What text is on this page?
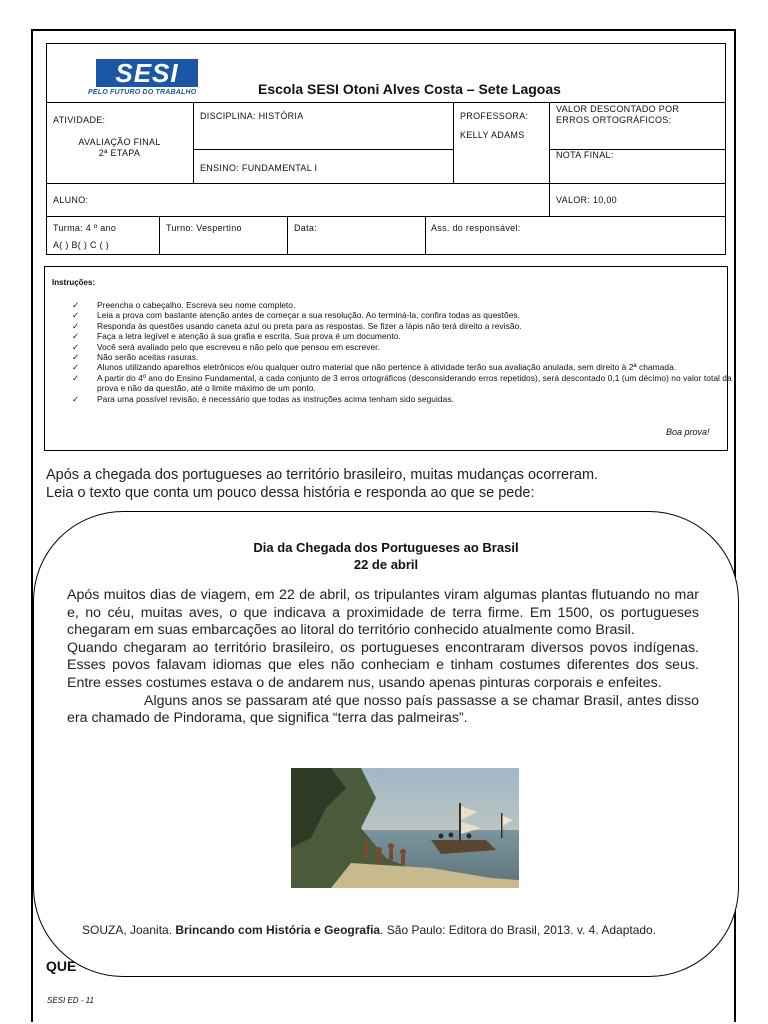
SESI
PELO FUTURO DO TRABALHO	Escola SESI Otoni Alves Costa – Sete Lagoas
ATIVIDADE:
AVALIAÇÃO FINAL
2ª ETAPA
DISCIPLINA: HISTÓRIA
ENSINO: FUNDAMENTAL I
PROFESSORA:
KELLY ADAMS
VALOR DESCONTADO POR
ERROS ORTOGRÁFICOS:
NOTA FINAL:
ALUNO:	VALOR: 10,00
Turma: 4 º ano
A( ) B( ) C ( )
Turno: Vespertino	Data:	Ass. do responsável:
Instruções:
✓ Preencha o cabeçalho. Escreva seu nome completo.
✓ Leia a prova com bastante atenção antes de começar a sua resolução. Ao terminá-la, confira todas as questões.
✓ Responda às questões usando caneta azul ou preta para as respostas. Se fizer a lápis não terá direito a revisão.
✓ Faça a letra legível e atenção à sua grafia e escrita. Sua prova é um documento.
✓ Você será avaliado pelo que escreveu e não pelo que pensou em escrever.
✓ Não serão aceitas rasuras.
✓ Alunos utilizando aparelhos eletrônicos e/ou qualquer outro material que não pertence à atividade terão sua avaliação anulada, sem direito à 2ª chamada.
✓ A partir do 4º ano do Ensino Fundamental, a cada conjunto de 3 erros ortográficos (desconsiderando erros repetidos), será descontado 0,1 (um décimo) no valor total da prova e não da questão, até o limite máximo de um ponto.
✓ Para uma possível revisão, é necessário que todas as instruções acima tenham sido seguidas.
Boa prova!
Após a chegada dos portugueses ao território brasileiro, muitas mudanças ocorreram.
Leia o texto que conta um pouco dessa história e responda ao que se pede:
QUE
Dia da Chegada dos Portugueses ao Brasil
22 de abril

Após muitos dias de viagem, em 22 de abril, os tripulantes viram algumas plantas flutuando no mar e, no céu, muitas aves, o que indicava a proximidade de terra firme. Em 1500, os portugueses chegaram em suas embarcações ao litoral do território conhecido atualmente como Brasil.

Quando chegaram ao território brasileiro, os portugueses encontraram diversos povos indígenas. Esses povos falavam idiomas que eles não conheciam e tinham costumes diferentes dos seus. Entre esses costumes estava o de andarem nus, usando apenas pinturas corporais e enfeites.

Alguns anos se passaram até que nosso país passasse a se chamar Brasil, antes disso era chamado de Pindorama, que significa “terra das palmeiras”.

SOUZA, Joanita. Brincando com História e Geografia. São Paulo: Editora do Brasil, 2013. v. 4. Adaptado.
SESI ED - 11
